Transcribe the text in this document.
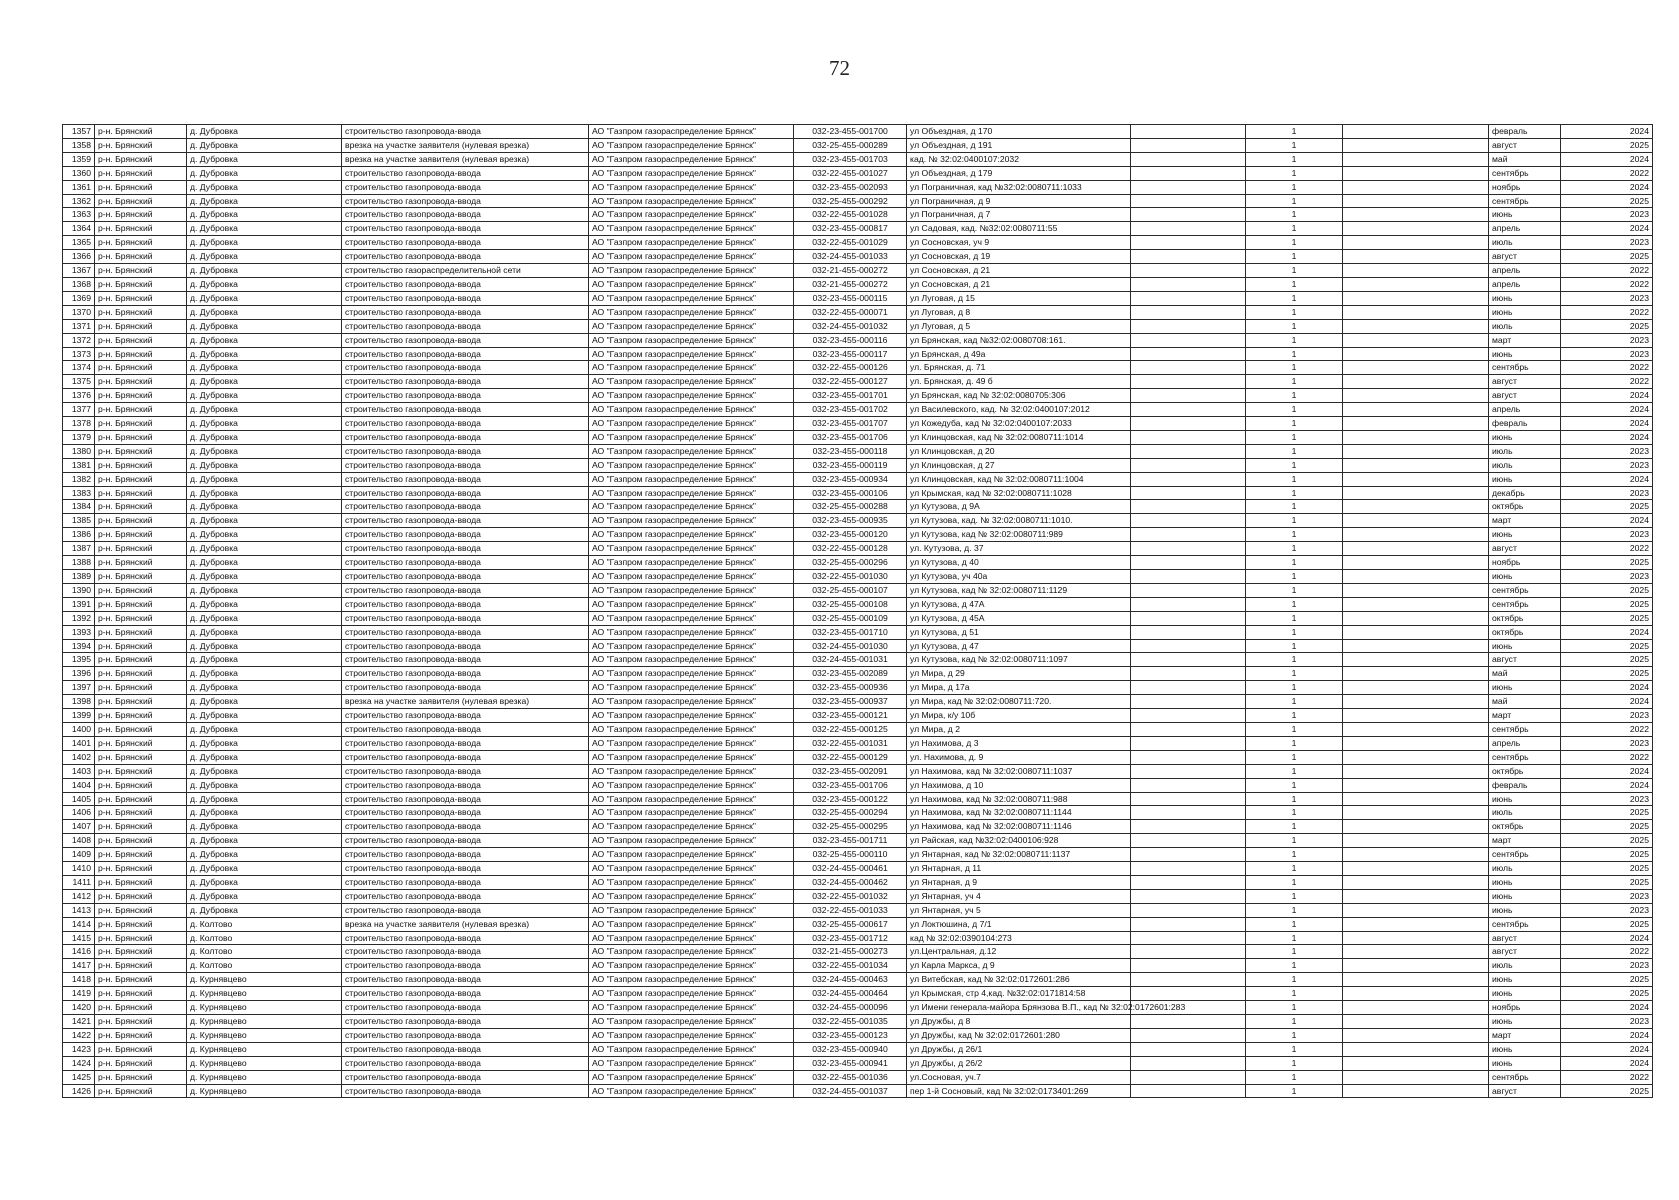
72
1357	р-н. Брянский	д. Дубровка	строительство газопровода-ввода	АО "Газпром газораспределение Брянск"	032-23-455-001700	ул Объездная, д 170		1		февраль	2024
1358	р-н. Брянский	д. Дубровка	врезка на участке заявителя (нулевая врезка)	АО "Газпром газораспределение Брянск"	032-25-455-000289	ул Объездная, д 191		1		август	2025
1359	р-н. Брянский	д. Дубровка	врезка на участке заявителя (нулевая врезка)	АО "Газпром газораспределение Брянск"	032-23-455-001703	кад. № 32:02:0400107:2032		1		май	2024
1360	р-н. Брянский	д. Дубровка	строительство газопровода-ввода	АО "Газпром газораспределение Брянск"	032-22-455-001027	ул Объездная, д 179		1		сентябрь	2022
1361	р-н. Брянский	д. Дубровка	строительство газопровода-ввода	АО "Газпром газораспределение Брянск"	032-23-455-002093	ул Пограничная, кад №32:02:0080711:1033		1		ноябрь	2024
1362	р-н. Брянский	д. Дубровка	строительство газопровода-ввода	АО "Газпром газораспределение Брянск"	032-25-455-000292	ул Пограничная, д 9		1		сентябрь	2025
1363	р-н. Брянский	д. Дубровка	строительство газопровода-ввода	АО "Газпром газораспределение Брянск"	032-22-455-001028	ул Пограничная, д 7		1		июнь	2023
1364	р-н. Брянский	д. Дубровка	строительство газопровода-ввода	АО "Газпром газораспределение Брянск"	032-23-455-000817	ул Садовая, кад. №32:02:0080711:55		1		апрель	2024
1365	р-н. Брянский	д. Дубровка	строительство газопровода-ввода	АО "Газпром газораспределение Брянск"	032-22-455-001029	ул Сосновская, уч 9		1		июль	2023
1366	р-н. Брянский	д. Дубровка	строительство газопровода-ввода	АО "Газпром газораспределение Брянск"	032-24-455-001033	ул Сосновская, д 19		1		август	2025
1367	р-н. Брянский	д. Дубровка	строительство газораспределительной сети	АО "Газпром газораспределение Брянск"	032-21-455-000272	ул Сосновская, д 21		1		апрель	2022
1368	р-н. Брянский	д. Дубровка	строительство газопровода-ввода	АО "Газпром газораспределение Брянск"	032-21-455-000272	ул Сосновская, д 21		1		апрель	2022
1369	р-н. Брянский	д. Дубровка	строительство газопровода-ввода	АО "Газпром газораспределение Брянск"	032-23-455-000115	ул Луговая, д 15		1		июнь	2023
1370	р-н. Брянский	д. Дубровка	строительство газопровода-ввода	АО "Газпром газораспределение Брянск"	032-22-455-000071	ул Луговая, д 8		1		июнь	2022
1371	р-н. Брянский	д. Дубровка	строительство газопровода-ввода	АО "Газпром газораспределение Брянск"	032-24-455-001032	ул Луговая, д 5		1		июль	2025
1372	р-н. Брянский	д. Дубровка	строительство газопровода-ввода	АО "Газпром газораспределение Брянск"	032-23-455-000116	ул Брянская, кад №32:02:0080708:161.		1		март	2023
1373	р-н. Брянский	д. Дубровка	строительство газопровода-ввода	АО "Газпром газораспределение Брянск"	032-23-455-000117	ул Брянская, д 49а		1		июнь	2023
1374	р-н. Брянский	д. Дубровка	строительство газопровода-ввода	АО "Газпром газораспределение Брянск"	032-22-455-000126	ул. Брянская, д. 71		1		сентябрь	2022
1375	р-н. Брянский	д. Дубровка	строительство газопровода-ввода	АО "Газпром газораспределение Брянск"	032-22-455-000127	ул. Брянская, д. 49 б		1		август	2022
1376	р-н. Брянский	д. Дубровка	строительство газопровода-ввода	АО "Газпром газораспределение Брянск"	032-23-455-001701	ул Брянская, кад № 32:02:0080705:306		1		август	2024
1377	р-н. Брянский	д. Дубровка	строительство газопровода-ввода	АО "Газпром газораспределение Брянск"	032-23-455-001702	ул Василевского, кад. № 32:02:0400107:2012		1		апрель	2024
1378	р-н. Брянский	д. Дубровка	строительство газопровода-ввода	АО "Газпром газораспределение Брянск"	032-23-455-001707	ул Кожедуба, кад № 32:02:0400107:2033		1		февраль	2024
1379	р-н. Брянский	д. Дубровка	строительство газопровода-ввода	АО "Газпром газораспределение Брянск"	032-23-455-001706	ул Клинцовская, кад № 32:02:0080711:1014		1		июнь	2024
1380	р-н. Брянский	д. Дубровка	строительство газопровода-ввода	АО "Газпром газораспределение Брянск"	032-23-455-000118	ул Клинцовская, д 20		1		июль	2023
1381	р-н. Брянский	д. Дубровка	строительство газопровода-ввода	АО "Газпром газораспределение Брянск"	032-23-455-000119	ул Клинцовская, д 27		1		июль	2023
1382	р-н. Брянский	д. Дубровка	строительство газопровода-ввода	АО "Газпром газораспределение Брянск"	032-23-455-000934	ул Клинцовская, кад № 32:02:0080711:1004		1		июнь	2024
1383	р-н. Брянский	д. Дубровка	строительство газопровода-ввода	АО "Газпром газораспределение Брянск"	032-23-455-000106	ул Крымская, кад № 32:02:0080711:1028		1		декабрь	2023
1384	р-н. Брянский	д. Дубровка	строительство газопровода-ввода	АО "Газпром газораспределение Брянск"	032-25-455-000288	ул Кутузова, д 9А		1		октябрь	2025
1385	р-н. Брянский	д. Дубровка	строительство газопровода-ввода	АО "Газпром газораспределение Брянск"	032-23-455-000935	ул Кутузова, кад. № 32:02:0080711:1010.		1		март	2024
1386	р-н. Брянский	д. Дубровка	строительство газопровода-ввода	АО "Газпром газораспределение Брянск"	032-23-455-000120	ул Кутузова, кад № 32:02:0080711:989		1		июнь	2023
1387	р-н. Брянский	д. Дубровка	строительство газопровода-ввода	АО "Газпром газораспределение Брянск"	032-22-455-000128	ул. Кутузова, д. 37		1		август	2022
1388	р-н. Брянский	д. Дубровка	строительство газопровода-ввода	АО "Газпром газораспределение Брянск"	032-25-455-000296	ул Кутузова, д 40		1		ноябрь	2025
1389	р-н. Брянский	д. Дубровка	строительство газопровода-ввода	АО "Газпром газораспределение Брянск"	032-22-455-001030	ул Кутузова, уч 40а		1		июнь	2023
1390	р-н. Брянский	д. Дубровка	строительство газопровода-ввода	АО "Газпром газораспределение Брянск"	032-25-455-000107	ул Кутузова, кад № 32:02:0080711:1129		1		сентябрь	2025
1391	р-н. Брянский	д. Дубровка	строительство газопровода-ввода	АО "Газпром газораспределение Брянск"	032-25-455-000108	ул Кутузова, д 47А		1		сентябрь	2025
1392	р-н. Брянский	д. Дубровка	строительство газопровода-ввода	АО "Газпром газораспределение Брянск"	032-25-455-000109	ул Кутузова, д 45А		1		октябрь	2025
1393	р-н. Брянский	д. Дубровка	строительство газопровода-ввода	АО "Газпром газораспределение Брянск"	032-23-455-001710	ул Кутузова, д 51		1		октябрь	2024
1394	р-н. Брянский	д. Дубровка	строительство газопровода-ввода	АО "Газпром газораспределение Брянск"	032-24-455-001030	ул Кутузова, д 47		1		июнь	2025
1395	р-н. Брянский	д. Дубровка	строительство газопровода-ввода	АО "Газпром газораспределение Брянск"	032-24-455-001031	ул Кутузова, кад № 32:02:0080711:1097		1		август	2025
1396	р-н. Брянский	д. Дубровка	строительство газопровода-ввода	АО "Газпром газораспределение Брянск"	032-23-455-002089	ул Мира, д 29		1		май	2025
1397	р-н. Брянский	д. Дубровка	строительство газопровода-ввода	АО "Газпром газораспределение Брянск"	032-23-455-000936	ул Мира, д 17а		1		июнь	2024
1398	р-н. Брянский	д. Дубровка	врезка на участке заявителя (нулевая врезка)	АО "Газпром газораспределение Брянск"	032-23-455-000937	ул Мира, кад № 32:02:0080711:720.		1		май	2024
1399	р-н. Брянский	д. Дубровка	строительство газопровода-ввода	АО "Газпром газораспределение Брянск"	032-23-455-000121	ул Мира, к/у 10б		1		март	2023
1400	р-н. Брянский	д. Дубровка	строительство газопровода-ввода	АО "Газпром газораспределение Брянск"	032-22-455-000125	ул Мира, д 2		1		сентябрь	2022
1401	р-н. Брянский	д. Дубровка	строительство газопровода-ввода	АО "Газпром газораспределение Брянск"	032-22-455-001031	ул Нахимова, д 3		1		апрель	2023
1402	р-н. Брянский	д. Дубровка	строительство газопровода-ввода	АО "Газпром газораспределение Брянск"	032-22-455-000129	ул. Нахимова, д. 9		1		сентябрь	2022
1403	р-н. Брянский	д. Дубровка	строительство газопровода-ввода	АО "Газпром газораспределение Брянск"	032-23-455-002091	ул Нахимова, кад № 32:02:0080711:1037		1		октябрь	2024
1404	р-н. Брянский	д. Дубровка	строительство газопровода-ввода	АО "Газпром газораспределение Брянск"	032-23-455-001706	ул Нахимова, д 10		1		февраль	2024
1405	р-н. Брянский	д. Дубровка	строительство газопровода-ввода	АО "Газпром газораспределение Брянск"	032-23-455-000122	ул Нахимова, кад № 32:02:0080711:988		1		июнь	2023
1406	р-н. Брянский	д. Дубровка	строительство газопровода-ввода	АО "Газпром газораспределение Брянск"	032-25-455-000294	ул Нахимова, кад № 32:02:0080711:1144		1		июль	2025
1407	р-н. Брянский	д. Дубровка	строительство газопровода-ввода	АО "Газпром газораспределение Брянск"	032-25-455-000295	ул Нахимова, кад № 32:02:0080711:1146		1		октябрь	2025
1408	р-н. Брянский	д. Дубровка	строительство газопровода-ввода	АО "Газпром газораспределение Брянск"	032-23-455-001711	ул Райская, кад №32:02:0400106:928		1		март	2025
1409	р-н. Брянский	д. Дубровка	строительство газопровода-ввода	АО "Газпром газораспределение Брянск"	032-25-455-000110	ул Янтарная, кад № 32:02:0080711:1137		1		сентябрь	2025
1410	р-н. Брянский	д. Дубровка	строительство газопровода-ввода	АО "Газпром газораспределение Брянск"	032-24-455-000461	ул Янтарная, д 11		1		июль	2025
1411	р-н. Брянский	д. Дубровка	строительство газопровода-ввода	АО "Газпром газораспределение Брянск"	032-24-455-000462	ул Янтарная, д 9		1		июнь	2025
1412	р-н. Брянский	д. Дубровка	строительство газопровода-ввода	АО "Газпром газораспределение Брянск"	032-22-455-001032	ул Янтарная, уч 4		1		июнь	2023
1413	р-н. Брянский	д. Дубровка	строительство газопровода-ввода	АО "Газпром газораспределение Брянск"	032-22-455-001033	ул Янтарная, уч 5		1		июнь	2023
1414	р-н. Брянский	д. Колтово	врезка на участке заявителя (нулевая врезка)	АО "Газпром газораспределение Брянск"	032-25-455-000617	ул Локтюшина, д 7/1		1		сентябрь	2025
1415	р-н. Брянский	д. Колтово	строительство газопровода-ввода	АО "Газпром газораспределение Брянск"	032-23-455-001712	кад № 32:02:0390104:273		1		август	2024
1416	р-н. Брянский	д. Колтово	строительство газопровода-ввода	АО "Газпром газораспределение Брянск"	032-21-455-000273	ул.Центральная, д.12		1		август	2022
1417	р-н. Брянский	д. Колтово	строительство газопровода-ввода	АО "Газпром газораспределение Брянск"	032-22-455-001034	ул Карла Маркса, д 9		1		июль	2023
1418	р-н. Брянский	д. Курнявцево	строительство газопровода-ввода	АО "Газпром газораспределение Брянск"	032-24-455-000463	ул Витебская, кад № 32:02:0172601:286		1		июнь	2025
1419	р-н. Брянский	д. Курнявцево	строительство газопровода-ввода	АО "Газпром газораспределение Брянск"	032-24-455-000464	ул Крымская, стр 4,кад. №32:02:0171814:58		1		июнь	2025
1420	р-н. Брянский	д. Курнявцево	строительство газопровода-ввода	АО "Газпром газораспределение Брянск"	032-24-455-000096	ул Имени генерала-майора Брянзова В.П., кад № 32:02:0172601:283		1		ноябрь	2024
1421	р-н. Брянский	д. Курнявцево	строительство газопровода-ввода	АО "Газпром газораспределение Брянск"	032-22-455-001035	ул Дружбы, д 8		1		июнь	2023
1422	р-н. Брянский	д. Курнявцево	строительство газопровода-ввода	АО "Газпром газораспределение Брянск"	032-23-455-000123	ул Дружбы, кад № 32:02:0172601:280		1		март	2024
1423	р-н. Брянский	д. Курнявцево	строительство газопровода-ввода	АО "Газпром газораспределение Брянск"	032-23-455-000940	ул Дружбы, д 26/1		1		июнь	2024
1424	р-н. Брянский	д. Курнявцево	строительство газопровода-ввода	АО "Газпром газораспределение Брянск"	032-23-455-000941	ул Дружбы, д 26/2		1		июнь	2024
1425	р-н. Брянский	д. Курнявцево	строительство газопровода-ввода	АО "Газпром газораспределение Брянск"	032-22-455-001036	ул.Сосновая, уч.7		1		сентябрь	2022
1426	р-н. Брянский	д. Курнявцево	строительство газопровода-ввода	АО "Газпром газораспределение Брянск"	032-24-455-001037	пер 1-й Сосновый, кад № 32:02:0173401:269		1		август	2025
